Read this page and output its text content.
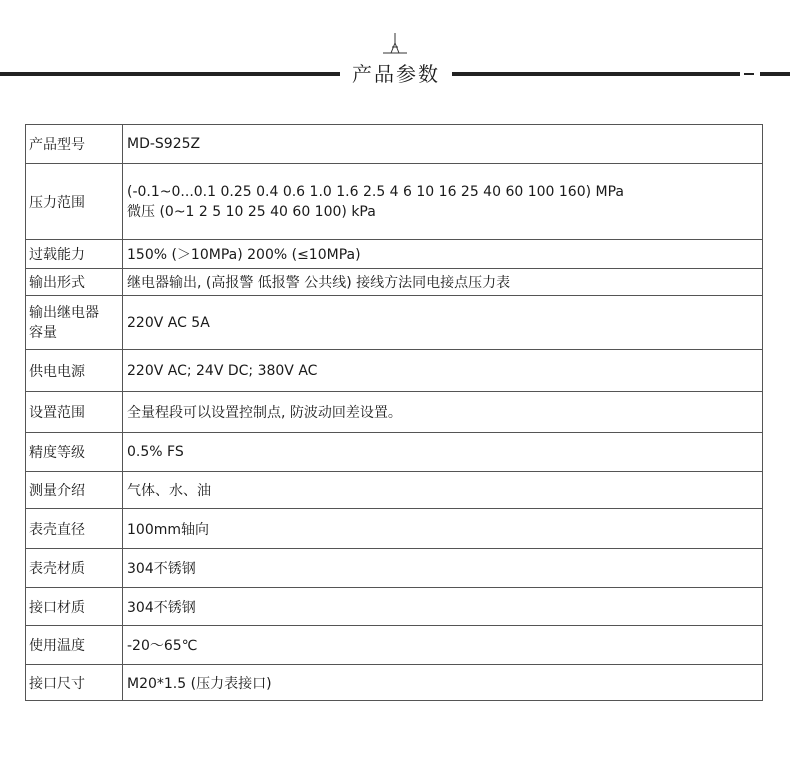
产品参数
产品型号	MD-S925Z
压力范围	(-0.1~0...0.1 0.25 0.4 0.6 1.0 1.6 2.5 4 6 10 16 25 40 60 100 160) MPa
微压 (0~1 2 5 10 25 40 60 100) kPa

过载能力	150% (＞10MPa) 200% (≤10MPa)
输出形式	继电器输出, (高报警 低报警 公共线) 接线方法同电接点压力表

输出继电器
容量	220V AC 5A
供电电源	220V AC; 24V DC; 380V AC
设置范围	全量程段可以设置控制点, 防波动回差设置。
精度等级	0.5% FS
测量介绍	气体、水、油
表壳直径	100mm轴向
表壳材质	304不锈钢
接口材质	304不锈钢
使用温度	-20～65℃
接口尺寸	M20*1.5 (压力表接口)
